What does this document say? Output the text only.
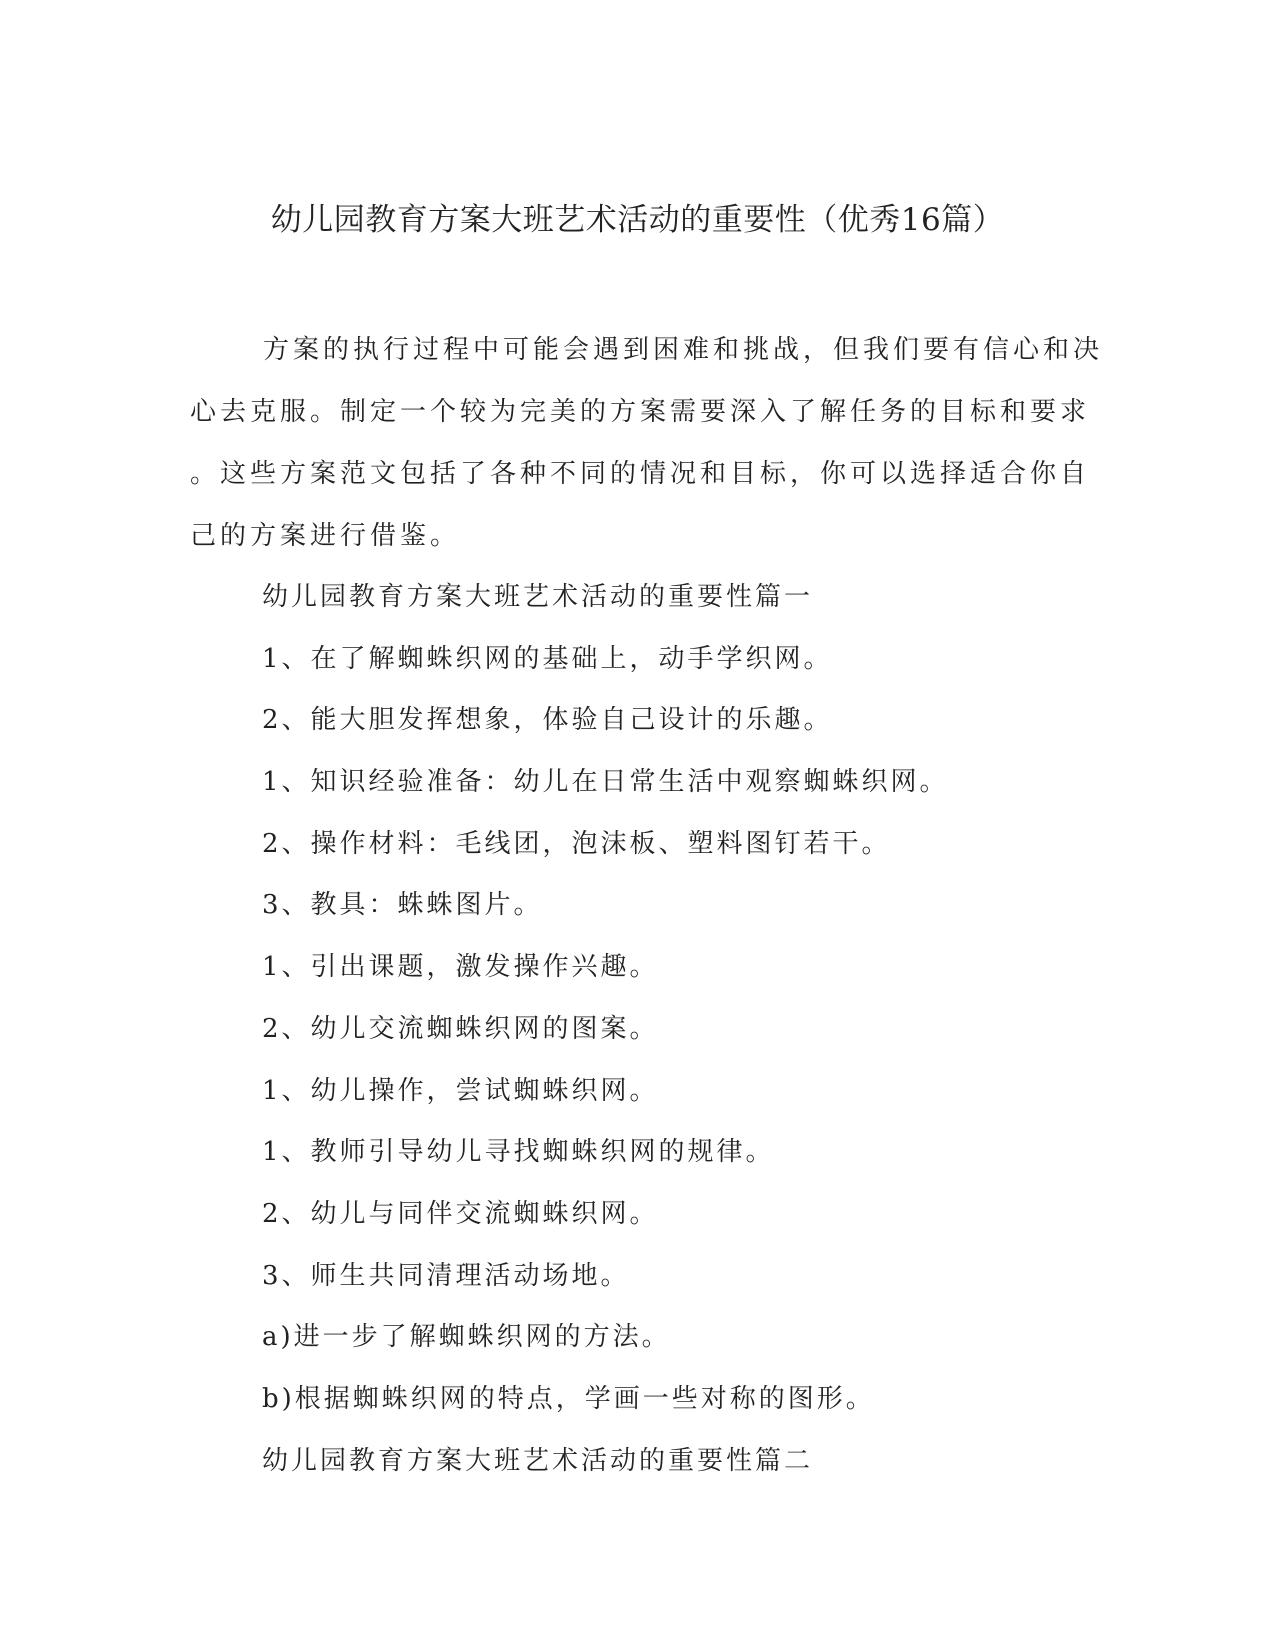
幼儿园教育方案大班艺术活动的重要性（优秀16篇）
方案的执行过程中可能会遇到困难和挑战，但我们要有信心和决
心去克服。制定一个较为完美的方案需要深入了解任务的目标和要求
。这些方案范文包括了各种不同的情况和目标，你可以选择适合你自
己的方案进行借鉴。
幼儿园教育方案大班艺术活动的重要性篇一
1、在了解蜘蛛织网的基础上，动手学织网。
2、能大胆发挥想象，体验自己设计的乐趣。
1、知识经验准备：幼儿在日常生活中观察蜘蛛织网。
2、操作材料：毛线团，泡沫板、塑料图钉若干。
3、教具：蛛蛛图片。
1、引出课题，激发操作兴趣。
2、幼儿交流蜘蛛织网的图案。
1、幼儿操作，尝试蜘蛛织网。
1、教师引导幼儿寻找蜘蛛织网的规律。
2、幼儿与同伴交流蜘蛛织网。
3、师生共同清理活动场地。
a)进一步了解蜘蛛织网的方法。
b)根据蜘蛛织网的特点，学画一些对称的图形。
幼儿园教育方案大班艺术活动的重要性篇二
